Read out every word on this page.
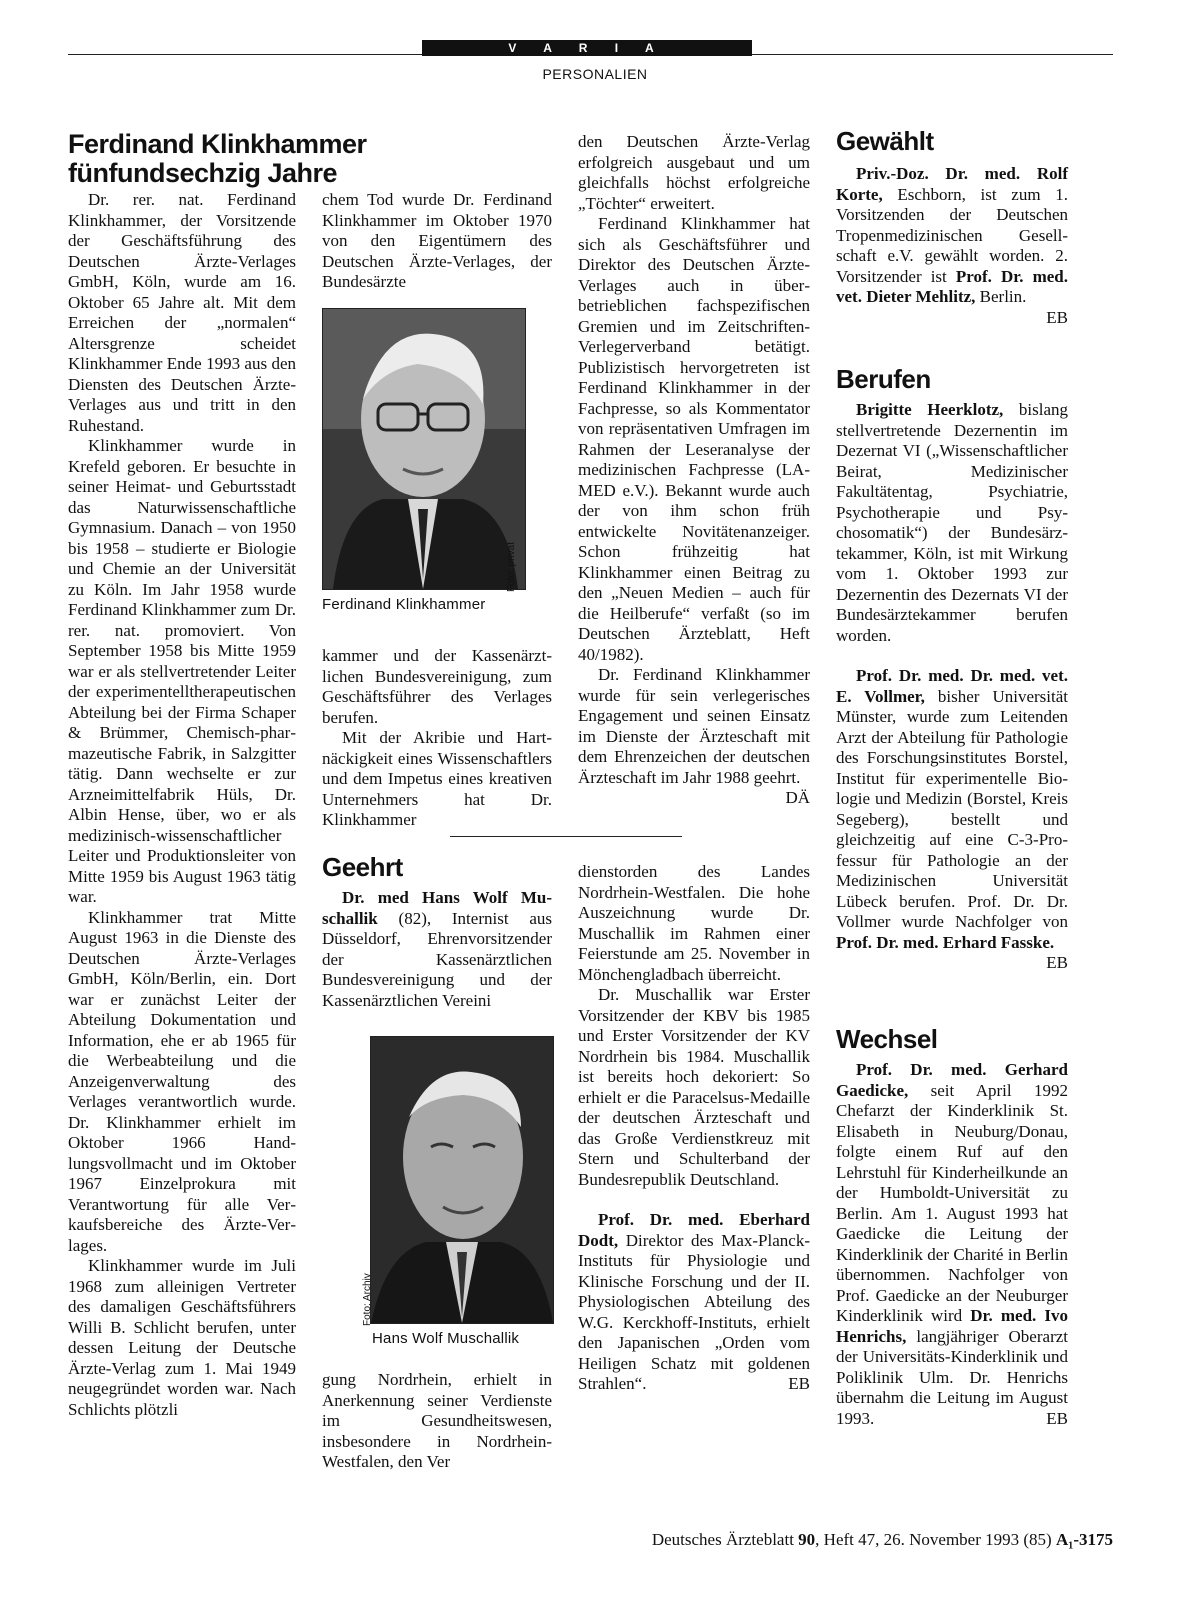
V A R I A
PERSONALIEN
Ferdinand Klinkhammer fünfundsechzig Jahre

Dr. rer. nat. Ferdinand Klinkhammer, der Vorsitzende der Geschäftsführung des Deutschen Ärzte-Verlages GmbH, Köln, wurde am 16. Oktober 65 Jahre alt. Mit dem Erreichen der „normalen“ Altersgrenze scheidet Klinkhammer Ende 1993 aus den Diensten des Deutschen Ärzte-Verlages aus und tritt in den Ruhestand.

Klinkhammer wurde in Krefeld geboren. Er besuchte in seiner Heimat- und Geburtsstadt das Naturwissenschaftliche Gymnasium. Danach – von 1950 bis 1958 – studierte er Biologie und Chemie an der Universität zu Köln. Im Jahr 1958 wurde Ferdinand Klinkhammer zum Dr. rer. nat. promoviert. Von September 1958 bis Mitte 1959 war er als stellvertretender Leiter der experimentelltherapeutischen Abteilung bei der Firma Schaper & Brümmer, Chemisch-pharmazeutische Fabrik, in Salzgitter tätig. Dann wechselte er zur Arzneimittelfabrik Hüls, Dr. Albin Hense, über, wo er als medizinisch-wissenschaftlicher Leiter und Produktionsleiter von Mitte 1959 bis August 1963 tätig war.

Klinkhammer trat Mitte August 1963 in die Dienste des Deutschen Ärzte-Verlages GmbH, Köln/Berlin, ein. Dort war er zunächst Leiter der Abteilung Dokumentation und Information, ehe er ab 1965 für die Werbeabteilung und die Anzeigenverwaltung des Verlages verantwortlich wurde. Dr. Klinkhammer erhielt im Oktober 1966 Handlungsvollmacht und im Oktober 1967 Einzelprokura mit Verantwortung für alle Verkaufsbereiche des Ärzte-Verlages.

Klinkhammer wurde im Juli 1968 zum alleinigen Vertreter des damaligen Geschäftsführers Willi B. Schlicht berufen, unter dessen Leitung der Deutsche Ärzte-Verlag zum 1. Mai 1949 neugegründet worden war. Nach Schlichts plötzli

chem Tod wurde Dr. Ferdinand Klinkhammer im Oktober 1970 von den Eigentümern des Deutschen Ärzte-Verlages, der Bundesärzte

Foto: privat
Ferdinand Klinkhammer

kammer und der Kassenärztlichen Bundesvereinigung, zum Geschäftsführer des Verlages berufen.

Mit der Akribie und Hartnäckigkeit eines Wissenschaftlers und dem Impetus eines kreativen Unternehmers hat Dr. Klinkhammer

den Deutschen Ärzte-Verlag erfolgreich ausgebaut und um gleichfalls höchst erfolgreiche „Töchter“ erweitert.

Ferdinand Klinkhammer hat sich als Geschäftsführer und Direktor des Deutschen Ärzte-Verlages auch in überbetrieblichen fachspezifischen Gremien und im Zeitschriften-Verlegerverband betätigt. Publizistisch hervorgetreten ist Ferdinand Klinkhammer in der Fachpresse, so als Kommentator von repräsentativen Umfragen im Rahmen der Leseranalyse der medizinischen Fachpresse (LA-MED e.V.). Bekannt wurde auch der von ihm schon früh entwickelte Novitätenanzeiger. Schon frühzeitig hat Klinkhammer einen Beitrag zu den „Neuen Medien – auch für die Heilberufe“ verfaßt (so im Deutschen Ärzteblatt, Heft 40/1982).

Dr. Ferdinand Klinkhammer wurde für sein verlegerisches Engagement und seinen Einsatz im Dienste der Ärzteschaft mit dem Ehrenzeichen der deutschen Ärzteschaft im Jahr 1988 geehrt.
DÄ

Geehrt

Dr. med Hans Wolf Muschallik (82), Internist aus Düsseldorf, Ehrenvorsitzender der Kassenärztlichen Bundesvereinigung und der Kassenärztlichen Vereini

Foto: Archiv
Hans Wolf Muschallik

gung Nordrhein, erhielt in Anerkennung seiner Verdienste im Gesundheitswesen, insbesondere in Nordrhein-Westfalen, den Ver

dienstorden des Landes Nordrhein-Westfalen. Die hohe Auszeichnung wurde Dr. Muschallik im Rahmen einer Feierstunde am 25. November in Mönchengladbach überreicht.

Dr. Muschallik war Erster Vorsitzender der KBV bis 1985 und Erster Vorsitzender der KV Nordrhein bis 1984. Muschallik ist bereits hoch dekoriert: So erhielt er die Paracelsus-Medaille der deutschen Ärzteschaft und das Große Verdienstkreuz mit Stern und Schulterband der Bundesrepublik Deutschland.

Prof. Dr. med. Eberhard Dodt, Direktor des Max-Planck-Instituts für Physiologie und Klinische Forschung und der II. Physiologischen Abteilung des W.G. Kerckhoff-Instituts, erhielt den Japanischen „Orden vom Heiligen Schatz mit goldenen Strahlen“.	EB

Gewählt

Priv.-Doz. Dr. med. Rolf Korte, Eschborn, ist zum 1. Vorsitzenden der Deutschen Tropenmedizinischen Gesellschaft e.V. gewählt worden. 2. Vorsitzender ist Prof. Dr. med. vet. Dieter Mehlitz, Berlin.
EB

Berufen

Brigitte Heerklotz, bislang stellvertretende Dezernentin im Dezernat VI („Wissenschaftlicher Beirat, Medizinischer Fakultätentag, Psychiatrie, Psychotherapie und Psychosomatik“) der Bundesärztekammer, Köln, ist mit Wirkung vom 1. Oktober 1993 zur Dezernentin des Dezernats VI der Bundesärztekammer berufen worden.

Prof. Dr. med. Dr. med. vet. E. Vollmer, bisher Universität Münster, wurde zum Leitenden Arzt der Abteilung für Pathologie des Forschungsinstitutes Borstel, Institut für experimentelle Biologie und Medizin (Borstel, Kreis Segeberg), bestellt und gleichzeitig auf eine C-3-Professur für Pathologie an der Medizinischen Universität Lübeck berufen. Prof. Dr. Dr. Vollmer wurde Nachfolger von Prof. Dr. med. Erhard Fasske.
EB

Wechsel

Prof. Dr. med. Gerhard Gaedicke, seit April 1992 Chefarzt der Kinderklinik St. Elisabeth in Neuburg/Donau, folgte einem Ruf auf den Lehrstuhl für Kinderheilkunde an der Humboldt-Universität zu Berlin. Am 1. August 1993 hat Gaedicke die Leitung der Kinderklinik der Charité in Berlin übernommen. Nachfolger von Prof. Gaedicke an der Neuburger Kinderklinik wird Dr. med. Ivo Henrichs, langjähriger Oberarzt der Universitäts-Kinderklinik und Poliklinik Ulm. Dr. Henrichs übernahm die Leitung im August 1993.	EB

Deutsches Ärzteblatt 90, Heft 47, 26. November 1993 (85) A₁-3175
